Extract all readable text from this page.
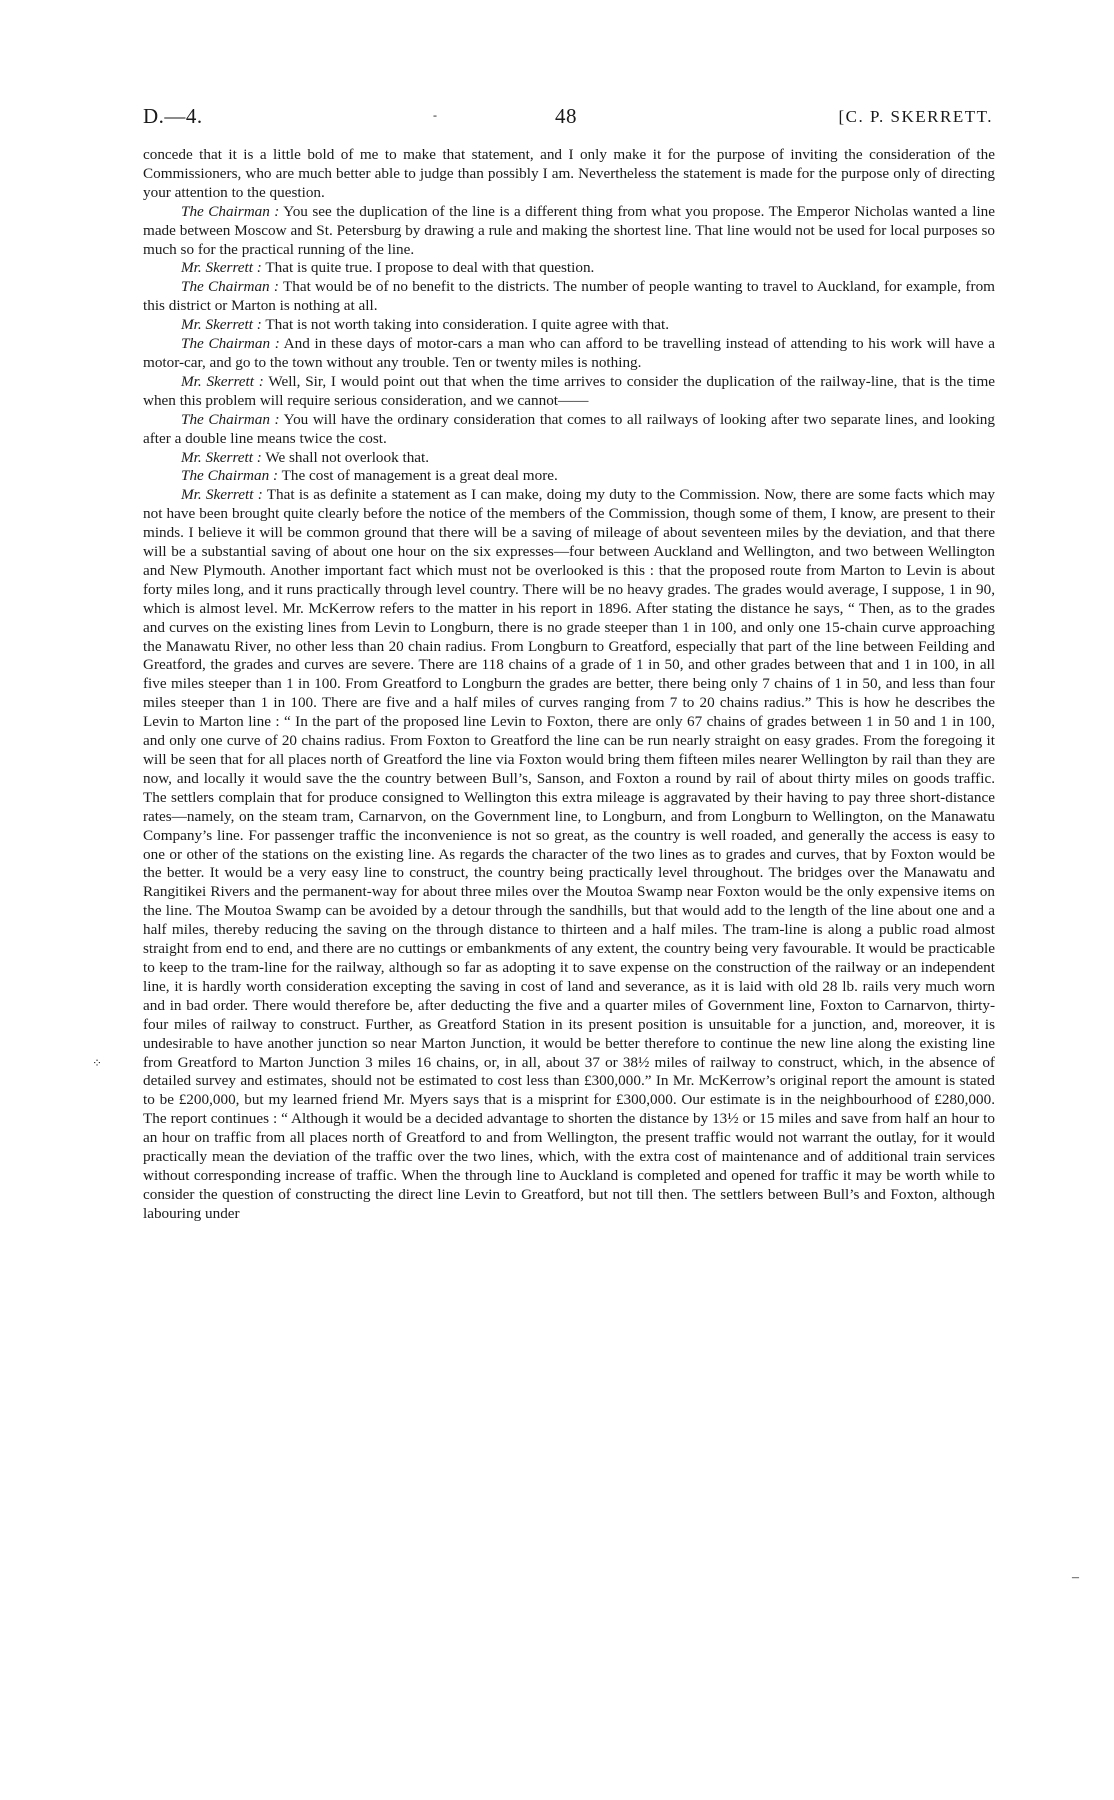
D.—4.	-	48	[C. P. SKERRETT.

concede that it is a little bold of me to make that statement, and I only make it for the purpose of inviting the consideration of the Commissioners, who are much better able to judge than possibly I am. Nevertheless the statement is made for the purpose only of directing your attention to the question.

The Chairman : You see the duplication of the line is a different thing from what you propose. The Emperor Nicholas wanted a line made between Moscow and St. Petersburg by drawing a rule and making the shortest line. That line would not be used for local purposes so much so for the practical running of the line.

Mr. Skerrett : That is quite true. I propose to deal with that question.

The Chairman : That would be of no benefit to the districts. The number of people wanting to travel to Auckland, for example, from this district or Marton is nothing at all.

Mr. Skerrett : That is not worth taking into consideration. I quite agree with that.

The Chairman : And in these days of motor-cars a man who can afford to be travelling instead of attending to his work will have a motor-car, and go to the town without any trouble. Ten or twenty miles is nothing.

Mr. Skerrett : Well, Sir, I would point out that when the time arrives to consider the duplication of the railway-line, that is the time when this problem will require serious consideration, and we cannot——

The Chairman : You will have the ordinary consideration that comes to all railways of looking after two separate lines, and looking after a double line means twice the cost.

Mr. Skerrett : We shall not overlook that.

The Chairman : The cost of management is a great deal more.

Mr. Skerrett : That is as definite a statement as I can make, doing my duty to the Commission. Now, there are some facts which may not have been brought quite clearly before the notice of the members of the Commission, though some of them, I know, are present to their minds. I believe it will be common ground that there will be a saving of mileage of about seventeen miles by the deviation, and that there will be a substantial saving of about one hour on the six expresses—four between Auckland and Wellington, and two between Wellington and New Plymouth. Another important fact which must not be overlooked is this : that the proposed route from Marton to Levin is about forty miles long, and it runs practically through level country. There will be no heavy grades. The grades would average, I suppose, 1 in 90, which is almost level. Mr. McKerrow refers to the matter in his report in 1896. After stating the distance he says, “ Then, as to the grades and curves on the existing lines from Levin to Longburn, there is no grade steeper than 1 in 100, and only one 15-chain curve approaching the Manawatu River, no other less than 20 chain radius. From Longburn to Greatford, especially that part of the line between Feilding and Greatford, the grades and curves are severe. There are 118 chains of a grade of 1 in 50, and other grades between that and 1 in 100, in all five miles steeper than 1 in 100. From Greatford to Longburn the grades are better, there being only 7 chains of 1 in 50, and less than four miles steeper than 1 in 100. There are five and a half miles of curves ranging from 7 to 20 chains radius.” This is how he describes the Levin to Marton line : “ In the part of the proposed line Levin to Foxton, there are only 67 chains of grades between 1 in 50 and 1 in 100, and only one curve of 20 chains radius. From Foxton to Greatford the line can be run nearly straight on easy grades. From the foregoing it will be seen that for all places north of Greatford the line via Foxton would bring them fifteen miles nearer Wellington by rail than they are now, and locally it would save the the country between Bull’s, Sanson, and Foxton a round by rail of about thirty miles on goods traffic. The settlers complain that for produce consigned to Wellington this extra mileage is aggravated by their having to pay three short-distance rates—namely, on the steam tram, Carnarvon, on the Government line, to Longburn, and from Longburn to Wellington, on the Manawatu Company’s line. For passenger traffic the inconvenience is not so great, as the country is well roaded, and generally the access is easy to one or other of the stations on the existing line. As regards the character of the two lines as to grades and curves, that by Foxton would be the better. It would be a very easy line to construct, the country being practically level throughout. The bridges over the Manawatu and Rangitikei Rivers and the permanent-way for about three miles over the Moutoa Swamp near Foxton would be the only expensive items on the line. The Moutoa Swamp can be avoided by a detour through the sandhills, but that would add to the length of the line about one and a half miles, thereby reducing the saving on the through distance to thirteen and a half miles. The tram-line is along a public road almost straight from end to end, and there are no cuttings or embankments of any extent, the country being very favourable. It would be practicable to keep to the tram-line for the railway, although so far as adopting it to save expense on the construction of the railway or an independent line, it is hardly worth consideration excepting the saving in cost of land and severance, as it is laid with old 28 lb. rails very much worn and in bad order. There would therefore be, after deducting the five and a quarter miles of Government line, Foxton to Carnarvon, thirty-four miles of railway to construct. Further, as Greatford Station in its present position is unsuitable for a junction, and, moreover, it is undesirable to have another junction so near Marton Junction, it would be better therefore to continue the new line along the existing line from Greatford to Marton Junction 3 miles 16 chains, or, in all, about 37 or 38½ miles of railway to construct, which, in the absence of detailed survey and estimates, should not be estimated to cost less than £300,000.” In Mr. McKerrow’s original report the amount is stated to be £200,000, but my learned friend Mr. Myers says that is a misprint for £300,000. Our estimate is in the neighbourhood of £280,000. The report continues : “ Although it would be a decided advantage to shorten the distance by 13½ or 15 miles and save from half an hour to an hour on traffic from all places north of Greatford to and from Wellington, the present traffic would not warrant the outlay, for it would practically mean the deviation of the traffic over the two lines, which, with the extra cost of maintenance and of additional train services without corresponding increase of traffic. When the through line to Auckland is completed and opened for traffic it may be worth while to consider the question of constructing the direct line Levin to Greatford, but not till then. The settlers between Bull’s and Foxton, although labouring under

⁘
–
